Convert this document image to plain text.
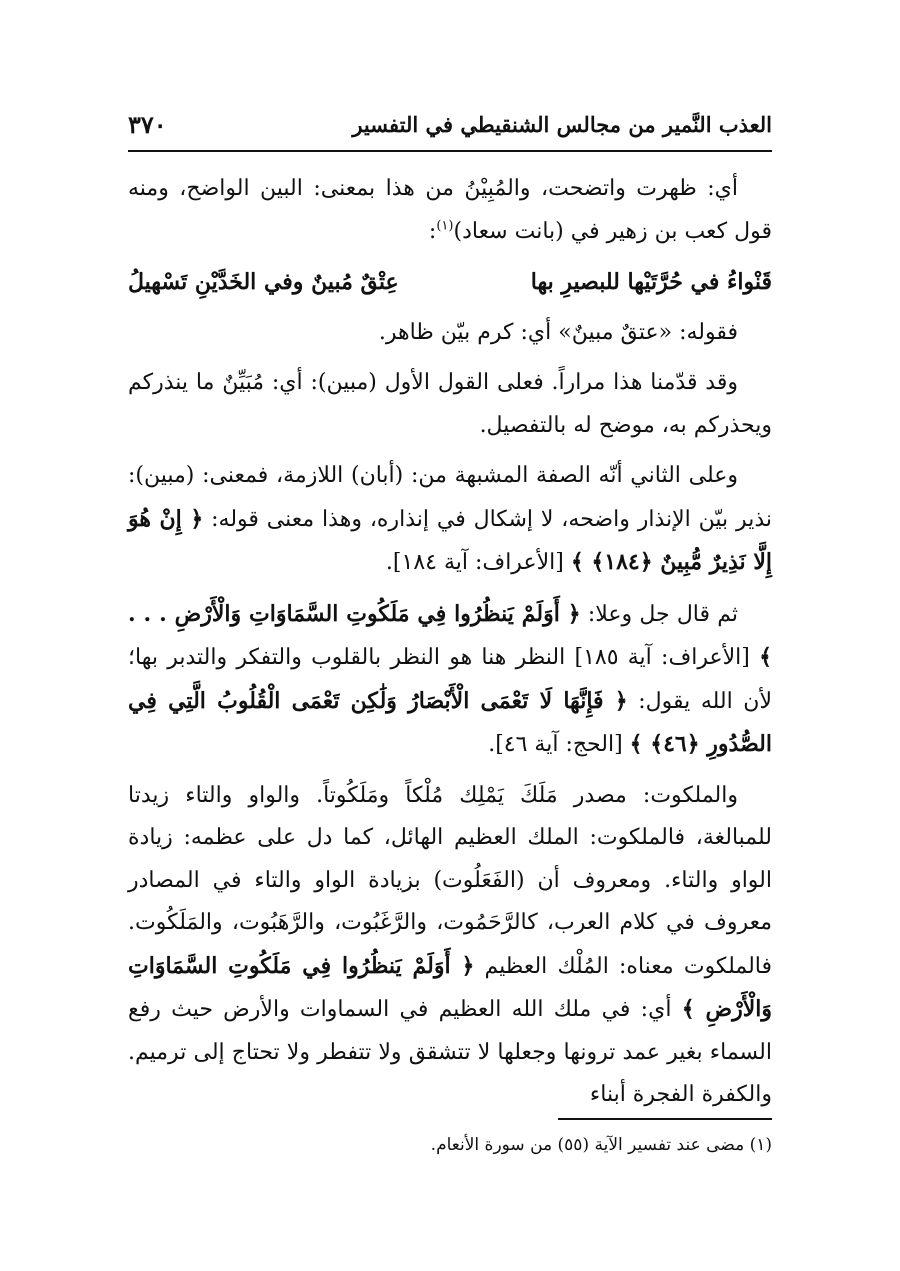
العذب النَّمير من مجالس الشنقيطي في التفسير
٣٧٠

أي: ظهرت واتضحت، والمُبِيْنُ من هذا بمعنى: البين الواضح، ومنه قول كعب بن زهير في (بانت سعاد)$^{(١)}$:

قَنْواءُ في حُرَّتَيْها للبصيرِ بها
عِتْقٌ مُبينٌ وفي الخَدَّيْنِ تَسْهيلُ

فقوله: «عتقٌ مبينٌ» أي: كرم بيّن ظاهر.

وقد قدّمنا هذا مراراً. فعلى القول الأول (مبين): أي: مُبَيِّنٌ ما ينذركم ويحذركم به، موضح له بالتفصيل.

وعلى الثاني أنّه الصفة المشبهة من: (أبان) اللازمة، فمعنى: (مبين): نذير بيّن الإنذار واضحه، لا إشكال في إنذاره، وهذا معنى قوله: ﴿ إِنْ هُوَ إِلَّا نَذِيرٌ مُّبِينٌ ﴿١٨٤﴾ ﴾ [الأعراف: آية ١٨٤].

ثم قال جل وعلا: ﴿ أَوَلَمْ يَنظُرُوا فِي مَلَكُوتِ السَّمَاوَاتِ وَالْأَرْضِ . . . ﴾ [الأعراف: آية ١٨٥] النظر هنا هو النظر بالقلوب والتفكر والتدبر بها؛ لأن الله يقول: ﴿ فَإِنَّهَا لَا تَعْمَى الْأَبْصَارُ وَلَٰكِن تَعْمَى الْقُلُوبُ الَّتِي فِي الصُّدُورِ ﴿٤٦﴾ ﴾ [الحج: آية ٤٦].

والملكوت: مصدر مَلَكَ يَمْلِك مُلْكاً ومَلَكُوتاً. والواو والتاء زيدتا للمبالغة، فالملكوت: الملك العظيم الهائل، كما دل على عظمه: زيادة الواو والتاء. ومعروف أن (الفَعَلُوت) بزيادة الواو والتاء في المصادر معروف في كلام العرب، كالرَّحَمُوت، والرَّغَبُوت، والرَّهَبُوت، والمَلَكُوت. فالملكوت معناه: المُلْك العظيم ﴿ أَوَلَمْ يَنظُرُوا فِي مَلَكُوتِ السَّمَاوَاتِ وَالْأَرْضِ ﴾ أي: في ملك الله العظيم في السماوات والأرض حيث رفع السماء بغير عمد ترونها وجعلها لا تتشقق ولا تتفطر ولا تحتاج إلى ترميم. والكفرة الفجرة أبناء

(١) مضى عند تفسير الآية (٥٥) من سورة الأنعام.
